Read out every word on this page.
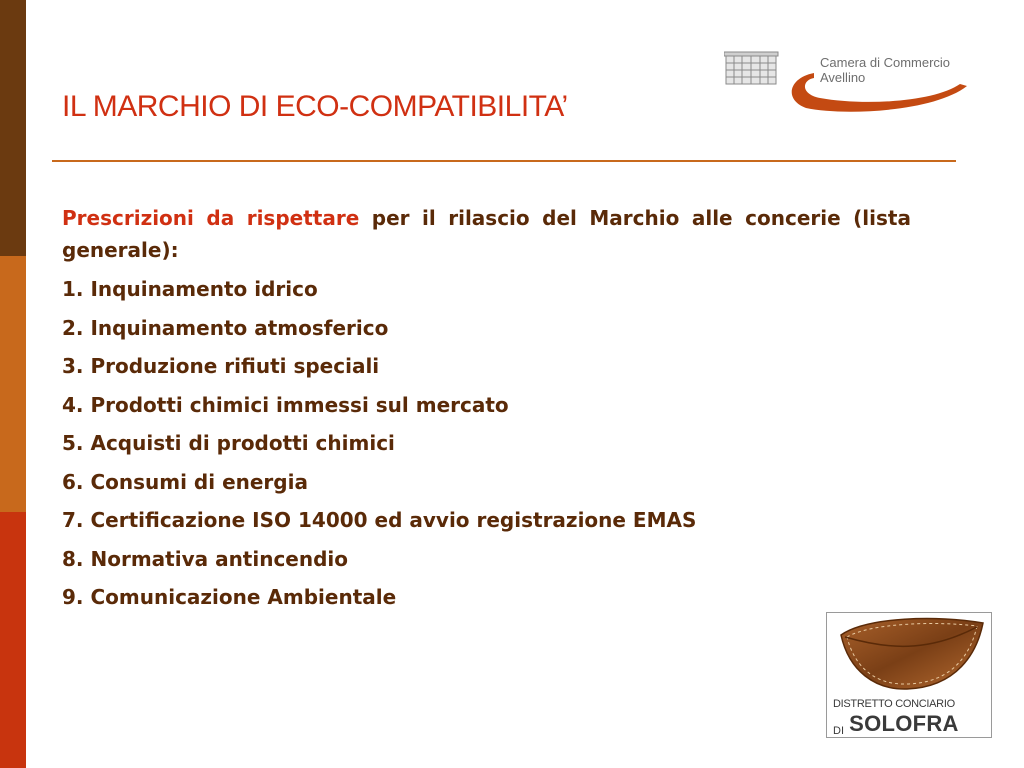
IL MARCHIO DI ECO-COMPATIBILITA’
Camera di Commercio
Avellino

Prescrizioni da rispettare per il rilascio del Marchio alle concerie (lista generale):

1. Inquinamento idrico
2. Inquinamento atmosferico
3. Produzione rifiuti speciali
4. Prodotti chimici immessi sul mercato
5. Acquisti di prodotti chimici
6. Consumi di energia
7. Certificazione ISO 14000 ed avvio registrazione EMAS
8. Normativa antincendio
9. Comunicazione Ambientale
DISTRETTO CONCIARIO
DI SOLOFRA
